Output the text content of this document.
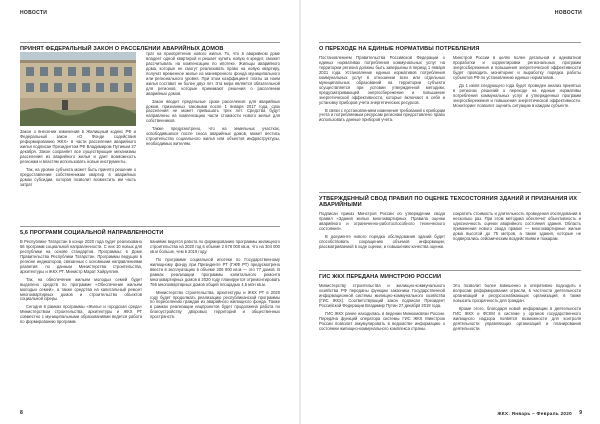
НОВОСТИ
ПРИНЯТ ФЕДЕРАЛЬНЫЙ ЗАКОН О РАССЕЛЕНИИ АВАРИЙНЫХ ДОМОВ

Закон о внесении изменений в Жилищный кодекс РФ и Федеральный закон «О Фонде содействия реформированию ЖКХ» в части расселения аварийного жилья подписан Президентом РФ Владимиром Путиным 27 декабря. Закон сохраняет все существующие механизмы расселения из аварийного жилья и дает возможность регионам и властям использовать новые инструменты.

Так, на уровне субъекта может быть принято решение о предоставлении собственникам квартир в аварийных домах субсидии, которая позволит возместить им часть затрат

трат на приобретение нового жилья. То, что в аварийном доме владеет одной квартирой и решает купить новую в кредит, сможет рассчитывать на компенсацию по ипотеке. Жильцы аварийного дома, которые не смогут реализовать право на новую квартиру, получат временное жилье из маневренного фонда муниципального или регионального уровня. При этом коэффициент платы за наем жилья составит не более двух лет. Эта мера является обязательной для регионов, которые принимают решения о расселении аварийных домов.

Закон вводит предельные сроки расселения: для аварийных домов, признанных таковыми после 1 января 2017 года, срок расселения не может превышать трех лет. Средства будут направлены на компенсацию части стоимости нового жилья для собственников.

Также предусмотрено, что на земельных участках, освободившихся после сноса аварийных домов, может вестись строительство социального жилья или объектов инфраструктуры, необходимых жителям.

5,6 ПРОГРАММ СОЦИАЛЬНОЙ НАПРАВЛЕННОСТИ

В Республике Татарстан в конце 2020 года будет реализовано 56 программ социальной направленности. С них 10 новых для республики на основе стандартов. Программы: в Доме Правительства Республики Татарстан. Программы ведущих в регионе индикаторов, связанных с основными направлениями развития: по данным Министерства строительства, архитектуры и ЖКХ РТ. Министр Марат Хайруллин.

Так, на обеспечение жильем молодых семей будет выделено средств по программе «Обеспечение жильем молодых семей», а также средства на капитальный ремонт многоквартирных домов и строительство объектов социальной сферы.

Сегодня в рамках программы «Жилье и городская среда» Министерством строительства, архитектуры и ЖКХ РТ совместно с муниципальными образованиями ведется работа по формированию программ.

ваниями ведется работа по формированию программы жилищного строительства на 2020 год в объеме 2 578 000 кв.м, что на 304 000 кв.м больше, чем в 2019 году.

По программе социальной ипотеки по Государственному жилищному фонду при Президенте РТ (ГЖФ РТ) предусмотрено ввести в эксплуатацию в объеме 206 000 кв.м — это 77 домов. В рамках реализации программы капитального ремонта многоквартирных домов в 2020 году планируется отремонтировать 766 многоквартирных домов общей площадью 4,5 млн кв.м.

Министерство строительства, архитектуры и ЖКХ РТ в 2020 году будет продолжать реализацию республиканской программы по переселению граждан из аварийного жилищного фонда. Также в рамках реализации нацпроектов будет продолжена работа по благоустройству дворовых территорий и общественных пространств.

8
НОВОСТИ
О ПЕРЕХОДЕ НА ЕДИНЫЕ НОРМАТИВЫ ПОТРЕБЛЕНИЯ

Постановлением Правительства Российской Федерации о единых нормативах потребления коммунальных услуг на территории региона должны быть завершены в период 1 января 2021 года. Установление единых нормативов потребления коммунальных услуг в отношении всех или отдельных муниципальных образований на территории субъекта осуществляется при условии утвержденной методики, предусматривающей энергосбережение и повышение энергетической эффективности, которые включают в себя и установку приборов учета энергетических ресурсов.

В связи с постановлением изменения требований к приборам учета и потребляемым ресурсам регионам предоставлено право использовать данные приборов учета.

Минстрой России в целях более детальной и адекватной проработки и корректировки региональных программ энергосбережения и повышения энергетической эффективности будет проводить мониторинг и выработку порядка работы субъектов РФ по установлению единых нормативов.

До 1 июля следующего года будет проведен анализ принятых в регионах решений о переходе на единые нормативы потребления коммунальных услуг и утвержденных программ энергосбережения и повышения энергетической эффективности. Мониторинг позволит оценить ситуацию в каждом субъекте.

УТВЕРЖДЕННЫЙ СВОД ПРАВИЛ ПО ОЦЕНКЕ ТЕХСОСТОЯНИЯ ЗДАНИЙ И ПРИЗНАНИЯ ИХ АВАРИЙНЫМИ

Подписан приказ Минстроя России об утверждении свода правил «Здания жилых многоквартирных. Правила оценки аварийного и ограниченно-работоспособного технического состояния».

В документе нового порядка обследования зданий будет способствовать сокращению объемов информации, рассматриваемой в ходе оценки, и повышению качества оценки.

сократить стоимость и длительность проведения обследований в несколько раз. При этом методика обеспечит объективность и однозначность оценки аварийного состояния здания. Область применения нового свода правил — многоквартирные жилые дома высотой до 75 метров, а также здания, которые не подвергались сейсмическим воздействиям и пожарам.

ГИС ЖКХ ПЕРЕДАНА МИНСТРОЮ РОССИИ

Министерству строительства и жилищно-коммунального хозяйства РФ переданы функции заказчика Государственной информационной системы жилищно-коммунального хозяйства (ГИС ЖКХ). Соответствующий закон подписал Президент Российской Федерации Владимир Путин 27 декабря 2019 года.

ГИС ЖКХ ранее находилась в ведении Минкомсвязи России. Передача функций оператора системы ГИС ЖКХ Минстрою России позволит аккумулировать в ведомстве информацию о состоянии жилищно-коммунального комплекса страны.

Это позволит более взвешенно и оперативно подходить к вопросам реформирования отрасли, в частности деятельности организаций и ресурсоснабжающих организаций, в также повысить прозрачность для граждан.

Кроме этого, благодаря новой информации в деятельности ГИС ЖКХ и ФСКМ в системе у органов государственного жилищного надзора появятся возможности для контроля деятельности управляющих организаций и планирования деятельности.

ЖКХ: Январь – Февраль 2020 9
